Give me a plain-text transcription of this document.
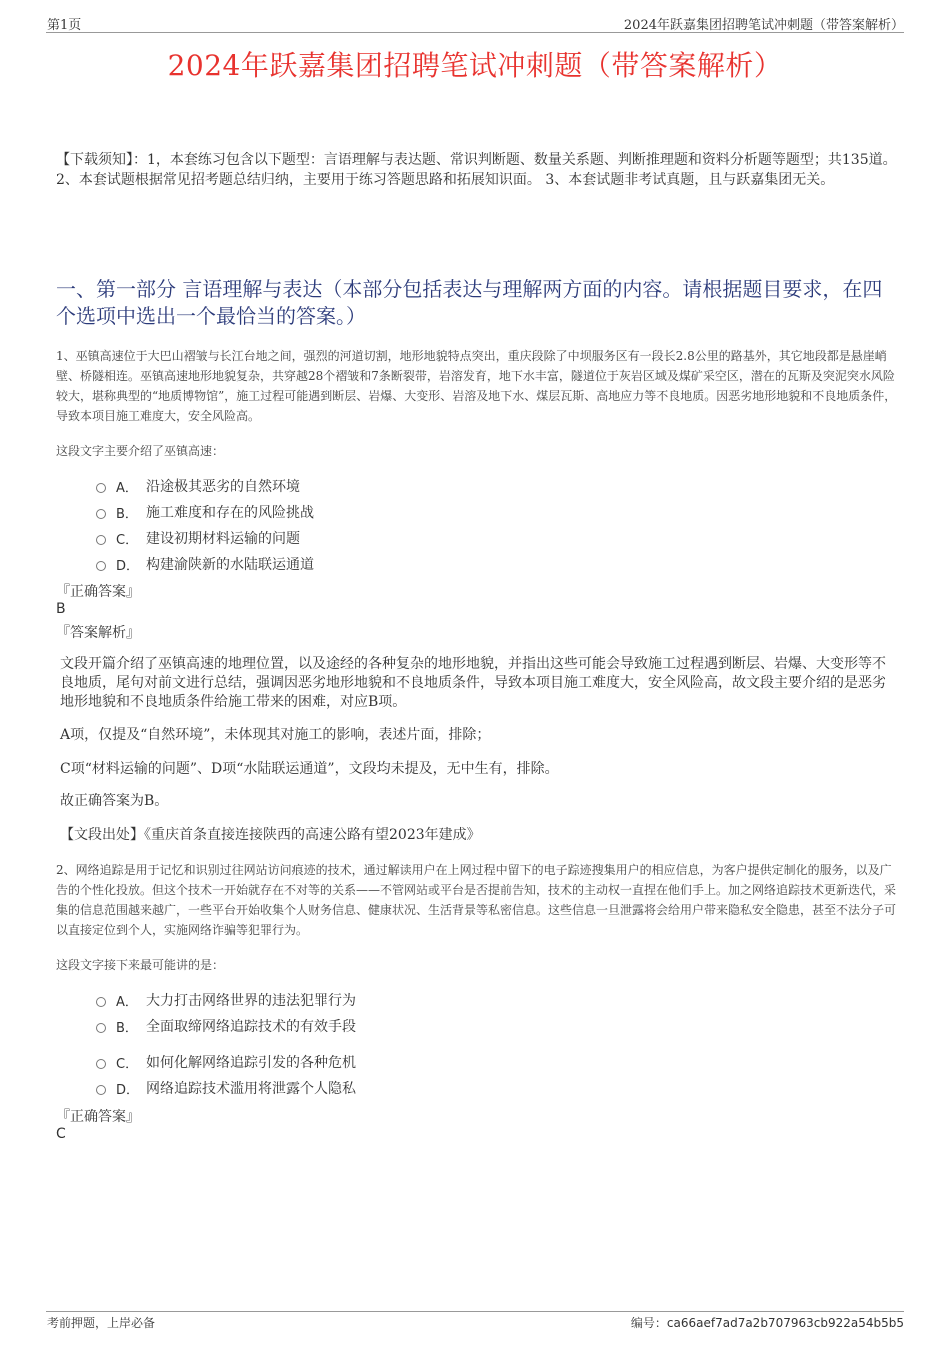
第1页	2024年跃嘉集团招聘笔试冲刺题（带答案解析）
2024年跃嘉集团招聘笔试冲刺题（带答案解析）
【下载须知】：1，本套练习包含以下题型：言语理解与表达题、常识判断题、数量关系题、判断推理题和资料分析题等题型；共135道。 2、本套试题根据常见招考题总结归纳，主要用于练习答题思路和拓展知识面。 3、本套试题非考试真题，且与跃嘉集团无关。
一、第一部分 言语理解与表达（本部分包括表达与理解两方面的内容。请根据题目要求，在四个选项中选出一个最恰当的答案。）
1、巫镇高速位于大巴山褶皱与长江台地之间，强烈的河道切割，地形地貌特点突出，重庆段除了中坝服务区有一段长2.8公里的路基外，其它地段都是悬崖峭壁、桥隧相连。巫镇高速地形地貌复杂，共穿越28个褶皱和7条断裂带，岩溶发育，地下水丰富，隧道位于灰岩区域及煤矿采空区，潜在的瓦斯及突泥突水风险较大，堪称典型的“地质博物馆”，施工过程可能遇到断层、岩爆、大变形、岩溶及地下水、煤层瓦斯、高地应力等不良地质。因恶劣地形地貌和不良地质条件，导致本项目施工难度大，安全风险高。
这段文字主要介绍了巫镇高速：
A． 沿途极其恶劣的自然环境
B． 施工难度和存在的风险挑战
C． 建设初期材料运输的问题
D． 构建渝陕新的水陆联运通道
『正确答案』
B
『答案解析』
文段开篇介绍了巫镇高速的地理位置，以及途经的各种复杂的地形地貌，并指出这些可能会导致施工过程遇到断层、岩爆、大变形等不良地质，尾句对前文进行总结，强调因恶劣地形地貌和不良地质条件，导致本项目施工难度大，安全风险高，故文段主要介绍的是恶劣地形地貌和不良地质条件给施工带来的困难，对应B项。
A项，仅提及“自然环境”，未体现其对施工的影响，表述片面，排除；
C项“材料运输的问题”、D项“水陆联运通道”，文段均未提及，无中生有，排除。
故正确答案为B。
【文段出处】《重庆首条直接连接陕西的高速公路有望2023年建成》
2、网络追踪是用于记忆和识别过往网站访问痕迹的技术，通过解读用户在上网过程中留下的电子踪迹搜集用户的相应信息，为客户提供定制化的服务，以及广告的个性化投放。但这个技术一开始就存在不对等的关系——不管网站或平台是否提前告知，技术的主动权一直捏在他们手上。加之网络追踪技术更新迭代，采集的信息范围越来越广，一些平台开始收集个人财务信息、健康状况、生活背景等私密信息。这些信息一旦泄露将会给用户带来隐私安全隐患，甚至不法分子可以直接定位到个人，实施网络诈骗等犯罪行为。
这段文字接下来最可能讲的是：
A． 大力打击网络世界的违法犯罪行为
B． 全面取缔网络追踪技术的有效手段
C． 如何化解网络追踪引发的各种危机
D． 网络追踪技术滥用将泄露个人隐私
『正确答案』
C
考前押题，上岸必备	编号：ca66aef7ad7a2b707963cb922a54b5b5
